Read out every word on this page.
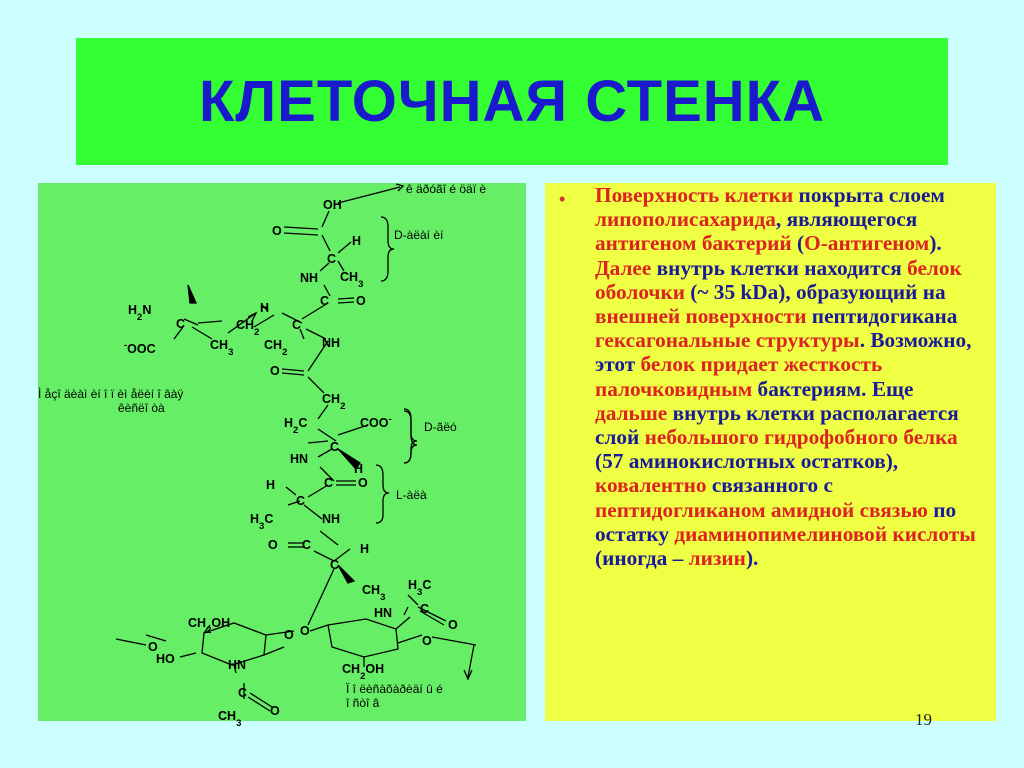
КЛЕТОЧНАЯ СТЕНКА
OH
O
H
C
$CH_3$
NH
C O
$H_2N$	H
C	$CH_2$	C
-OOC	$CH_3$ $CH_2$
NH
O
$CH_2$
$H_2C$	COO-
C
HN
H
H	C O
C
$H_3C$	NH
O C	H
C
$CH_3$
$H_3C$
C
HN
O
$CH_2OH$
O
O O
O
HO	HN	$CH_2OH$
C
O
$CH_3$
ê äðóãî é öäï è
D-àëàí èí
Ì åçî äèàì èí î ï èì åëèí î âàÿ
êèñëî òà
D-ãëó
L-àëà
Ï î ëèñàõàðèäí û é
î ñòî â
• Поверхность клетки покрыта слоем липополисахарида, являющегося антигеном бактерий (О-антигеном). Далее внутрь клетки находится белок оболочки (~ 35 kDa), образующий на внешней поверхности пептидогикана гексагональные структуры. Возможно, этот белок придает жесткость палочковидным бактериям. Еще дальше внутрь клетки располагается слой небольшого гидрофобного белка (57 аминокислотных остатков), ковалентно связанного с пептидогликаном амидной связью по остатку диаминопимелиновой кислоты (иногда – лизин).

19
